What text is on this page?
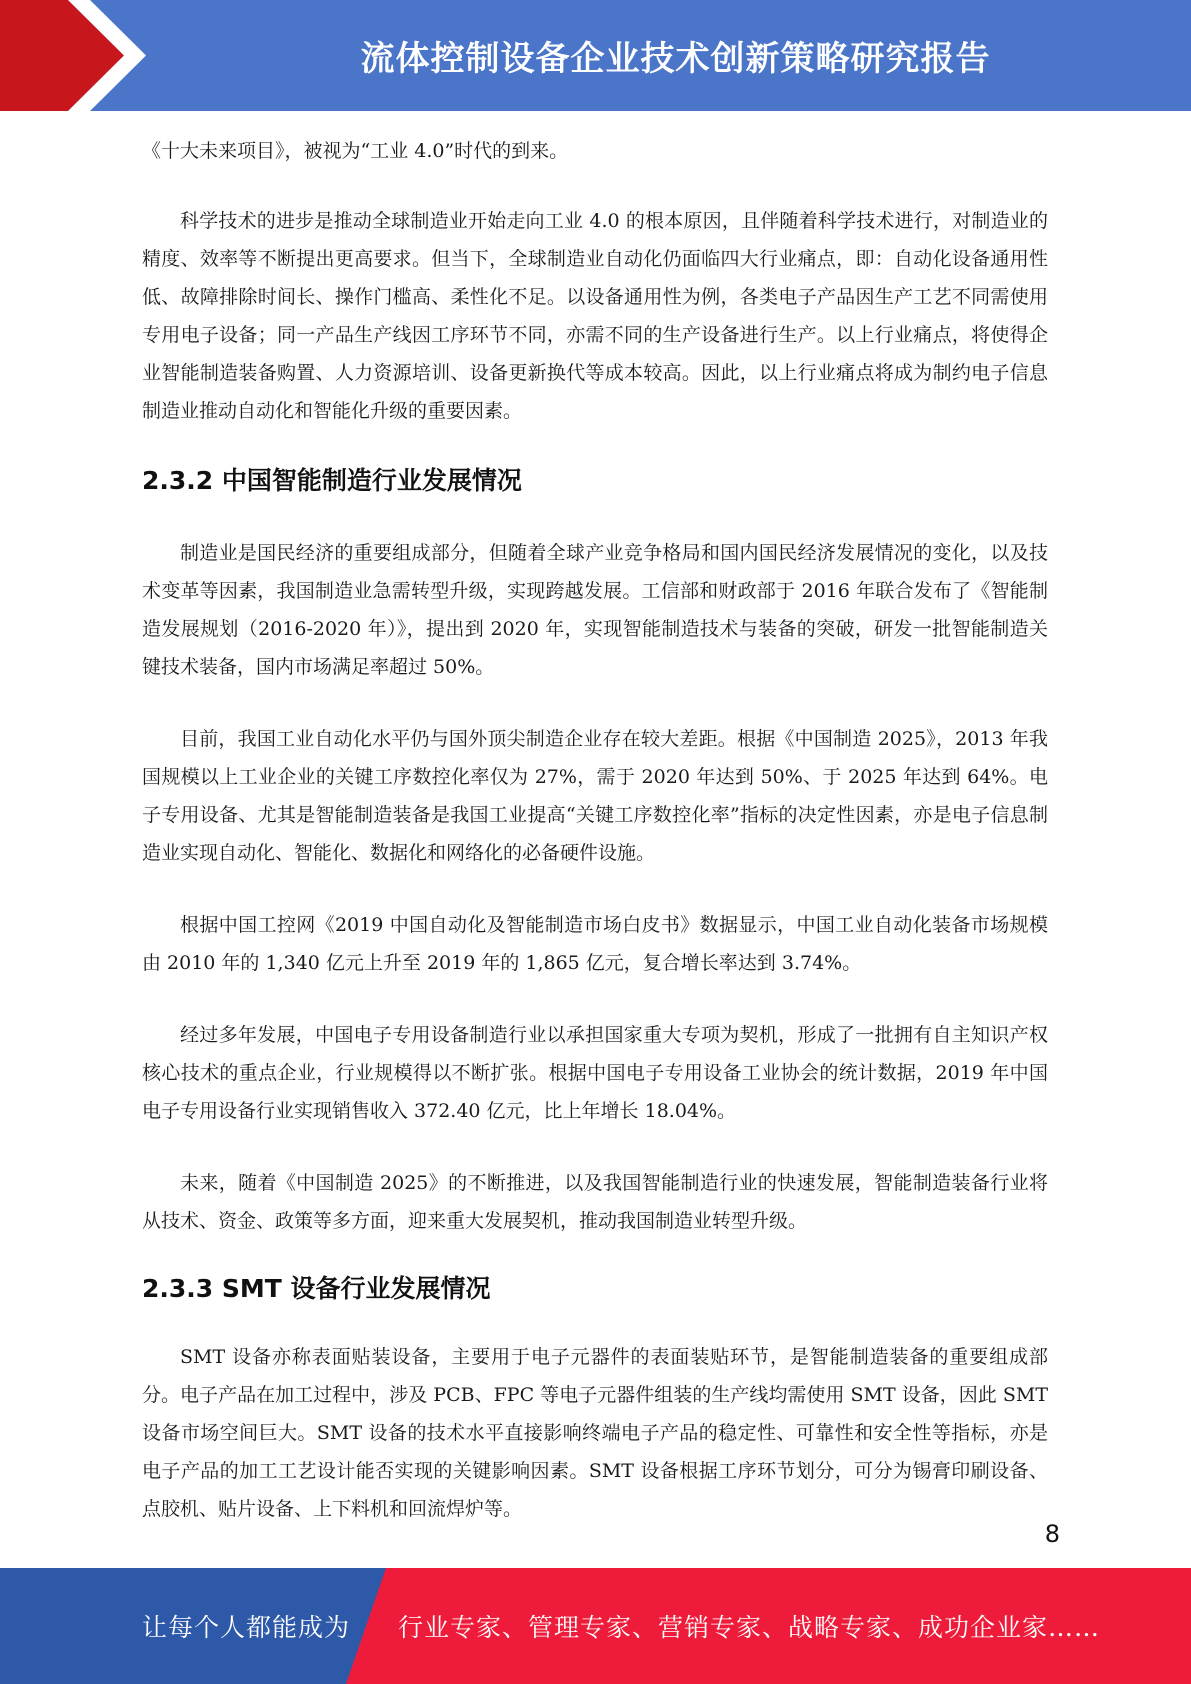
流体控制设备企业技术创新策略研究报告

《十大未来项目》，被视为“工业 4.0”时代的到来。

科学技术的进步是推动全球制造业开始走向工业 4.0 的根本原因，且伴随着科学技术进行，对制造业的精度、效率等不断提出更高要求。但当下，全球制造业自动化仍面临四大行业痛点，即：自动化设备通用性低、故障排除时间长、操作门槛高、柔性化不足。以设备通用性为例，各类电子产品因生产工艺不同需使用专用电子设备；同一产品生产线因工序环节不同，亦需不同的生产设备进行生产。以上行业痛点，将使得企业智能制造装备购置、人力资源培训、设备更新换代等成本较高。因此，以上行业痛点将成为制约电子信息制造业推动自动化和智能化升级的重要因素。

2.3.2 中国智能制造行业发展情况

制造业是国民经济的重要组成部分，但随着全球产业竞争格局和国内国民经济发展情况的变化，以及技术变革等因素，我国制造业急需转型升级，实现跨越发展。工信部和财政部于 2016 年联合发布了《智能制造发展规划（2016-2020 年）》，提出到 2020 年，实现智能制造技术与装备的突破，研发一批智能制造关键技术装备，国内市场满足率超过 50%。

目前，我国工业自动化水平仍与国外顶尖制造企业存在较大差距。根据《中国制造 2025》，2013 年我国规模以上工业企业的关键工序数控化率仅为 27%，需于 2020 年达到 50%、于 2025 年达到 64%。电子专用设备、尤其是智能制造装备是我国工业提高“关键工序数控化率”指标的决定性因素，亦是电子信息制造业实现自动化、智能化、数据化和网络化的必备硬件设施。

根据中国工控网《2019 中国自动化及智能制造市场白皮书》数据显示，中国工业自动化装备市场规模由 2010 年的 1,340 亿元上升至 2019 年的 1,865 亿元，复合增长率达到 3.74%。

经过多年发展，中国电子专用设备制造行业以承担国家重大专项为契机，形成了一批拥有自主知识产权核心技术的重点企业，行业规模得以不断扩张。根据中国电子专用设备工业协会的统计数据，2019 年中国电子专用设备行业实现销售收入 372.40 亿元，比上年增长 18.04%。

未来，随着《中国制造 2025》的不断推进，以及我国智能制造行业的快速发展，智能制造装备行业将从技术、资金、政策等多方面，迎来重大发展契机，推动我国制造业转型升级。

2.3.3 SMT 设备行业发展情况

SMT 设备亦称表面贴装设备，主要用于电子元器件的表面装贴环节，是智能制造装备的重要组成部分。电子产品在加工过程中，涉及 PCB、FPC 等电子元器件组装的生产线均需使用 SMT 设备，因此 SMT 设备市场空间巨大。SMT 设备的技术水平直接影响终端电子产品的稳定性、可靠性和安全性等指标，亦是电子产品的加工工艺设计能否实现的关键影响因素。SMT 设备根据工序环节划分，可分为锡膏印刷设备、点胶机、贴片设备、上下料机和回流焊炉等。

8
让每个人都能成为 行业专家、管理专家、营销专家、战略专家、成功企业家……
